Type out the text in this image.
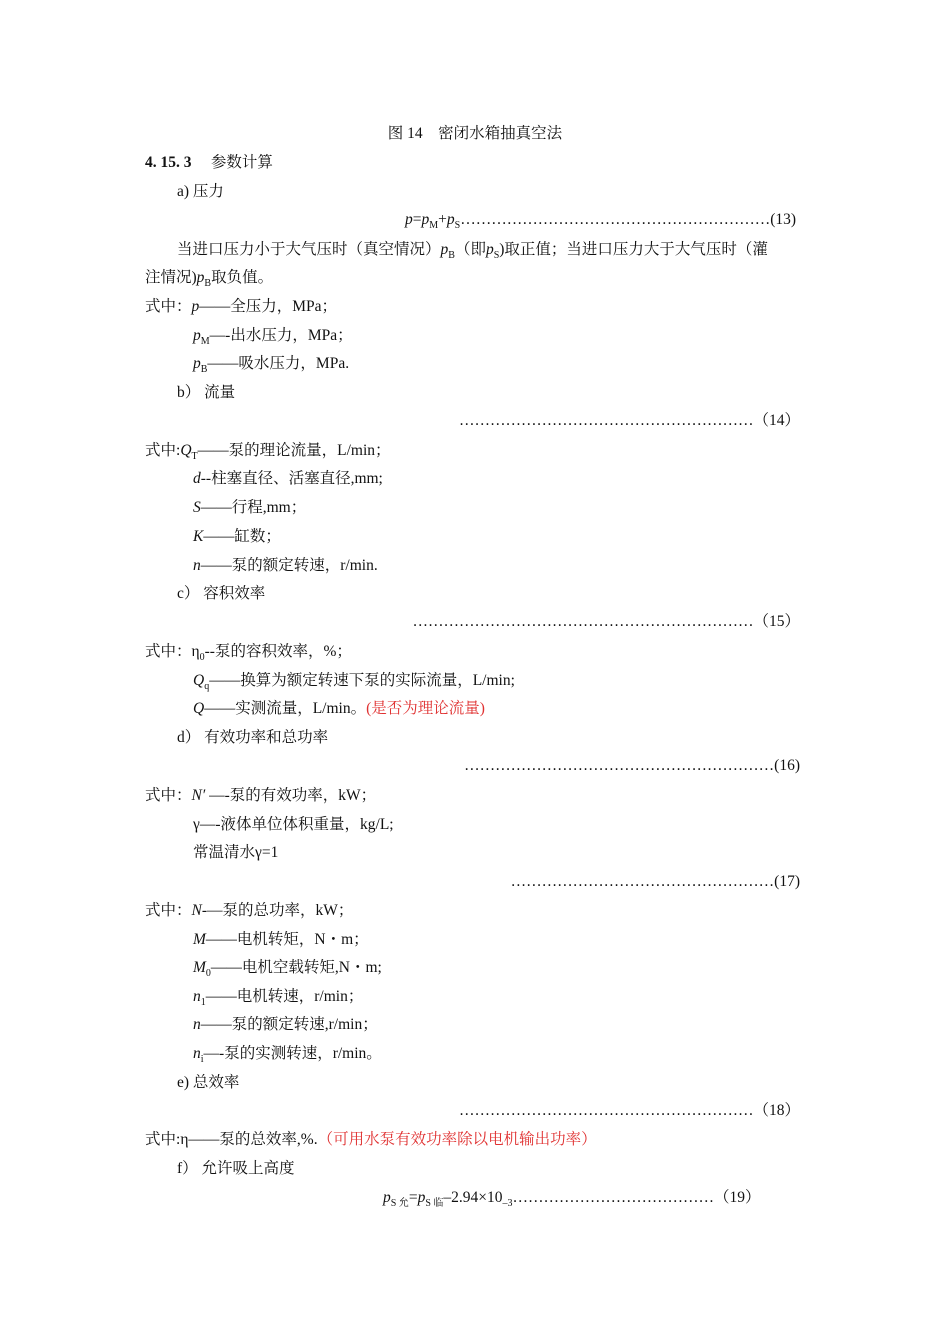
图 14　密闭水箱抽真空法
4. 15. 3　 参数计算
a) 压力
$p=p_M+p_S\dots\dots\dots\dots\dots\dots\dots\dots\dots\dots\dots\dots\dots\dots\dots\dots\dots\dots\dots\dots(13)$
当进口压力小于大气压时（真空情况）$p_B$（即$p_S$)取正值；当进口压力大于大气压时（灌
注情况)$p_B$取负值。
式中：p——全压力，MPa；
$p_M—-$出水压力，MPa；
$p_B——$吸水压力，MPa.
b） 流量
…………………………………………………（14）
式中$:Q_T——$泵的理论流量，L/min；
d--柱塞直径、活塞直径,mm;
S——行程,mm；
K——缸数；
n——泵的额定转速，r/min.
c） 容积效率
…………………………………………………………（15）
式中：$\eta_0--$泵的容积效率，%；
$Q_q——$换算为额定转速下泵的实际流量，L/min;
Q——实测流量，L/min。(是否为理论流量)
d） 有效功率和总功率
……………………………………………………(16)
式中：N′ —-泵的有效功率，kW；
γ—-液体单位体积重量，kg/L;
常温清水γ=1
……………………………………………(17)
式中：N-—泵的总功率，kW；
M——电机转矩，N・m；
$M_0——$电机空载转矩,N・m;
$n_1——$电机转速，r/min；
n——泵的额定转速,r/min；
$n_i—-$泵的实测转速，r/min。
e) 总效率
…………………………………………………（18）
式中:η——泵的总效率,%.（可用水泵有效功率除以电机输出功率）
f） 允许吸上高度
$p_{S 允}=p_{S 临}-2.94\times 10_{-3}\dots\dots\dots\dots\dots\dots\dots\dots\dots\dots\dots\dots\dots(19)$
